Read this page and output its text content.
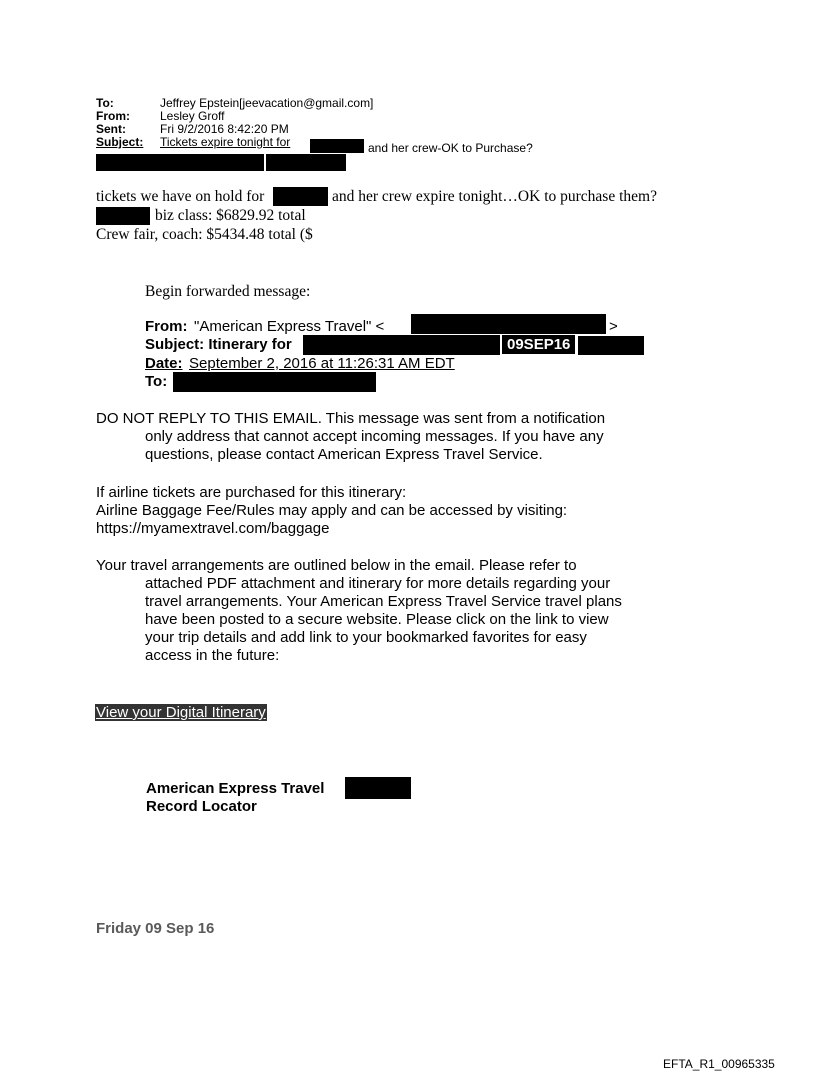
To:	Jeffrey Epstein[jeevacation@gmail.com]
From:	Lesley Groff
Sent:	Fri 9/2/2016 8:42:20 PM
Subject: Tickets expire tonight for	and her crew-OK to Purchase?
tickets we have on hold for	and her crew expire tonight…OK to purchase them?
biz class: $6829.92 total
Crew fair, coach: $5434.48 total ($
Begin forwarded message:
From: "American Express Travel" <	>
Subject: Itinerary for	09SEP16
Date: September 2, 2016 at 11:26:31 AM EDT
To:
DO NOT REPLY TO THIS EMAIL. This message was sent from a notification
only address that cannot accept incoming messages. If you have any
questions, please contact American Express Travel Service.
If airline tickets are purchased for this itinerary:
Airline Baggage Fee/Rules may apply and can be accessed by visiting:
https://myamextravel.com/baggage
Your travel arrangements are outlined below in the email. Please refer to
attached PDF attachment and itinerary for more details regarding your
travel arrangements. Your American Express Travel Service travel plans
have been posted to a secure website. Please click on the link to view
your trip details and add link to your bookmarked favorites for easy
access in the future:
View your Digital Itinerary
American Express Travel
Record Locator
Friday 09 Sep 16
EFTA_R1_00965335
